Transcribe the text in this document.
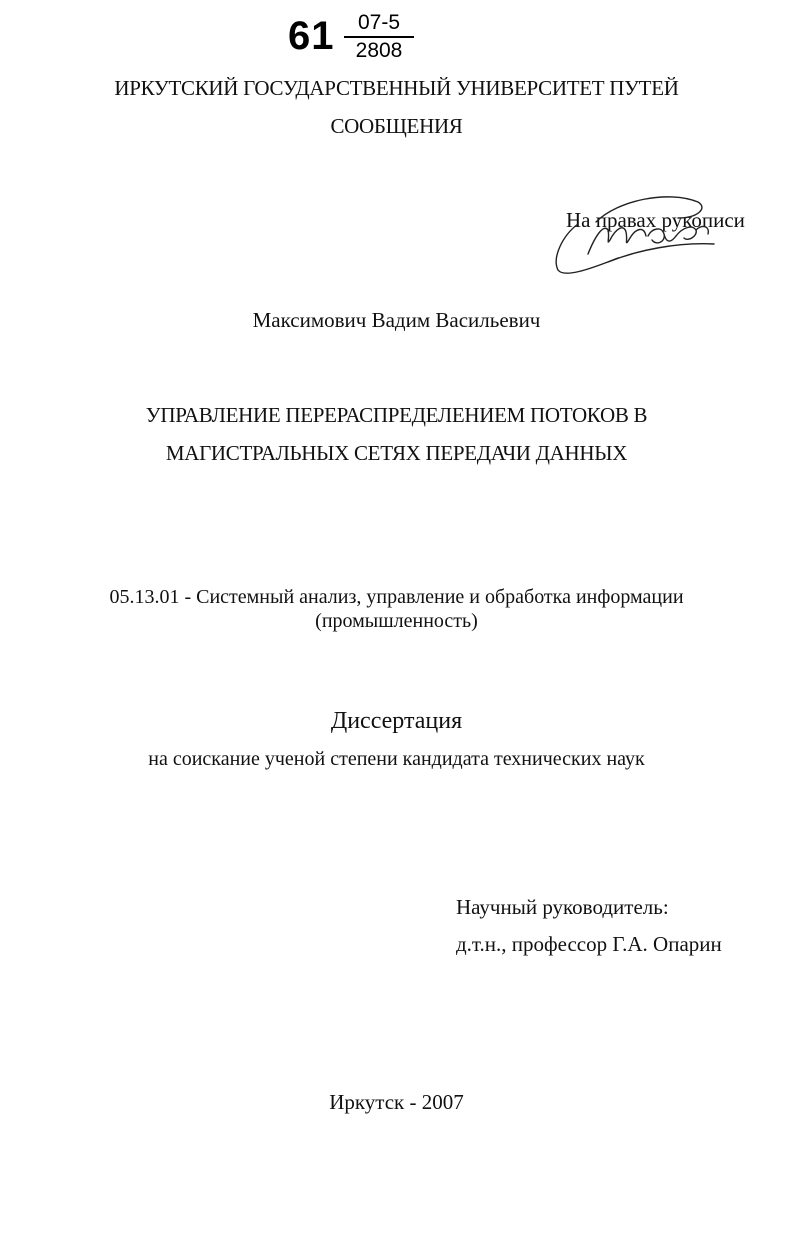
61	07-5
2808
ИРКУТСКИЙ ГОСУДАРСТВЕННЫЙ УНИВЕРСИТЕТ ПУТЕЙ
СООБЩЕНИЯ
На правах рукописи
Максимович Вадим Васильевич
УПРАВЛЕНИЕ ПЕРЕРАСПРЕДЕЛЕНИЕМ ПОТОКОВ В
МАГИСТРАЛЬНЫХ СЕТЯХ ПЕРЕДАЧИ ДАННЫХ
05.13.01 - Системный анализ, управление и обработка информации
(промышленность)
Диссертация
на соискание ученой степени кандидата технических наук
Научный руководитель:
д.т.н., профессор Г.А. Опарин
Иркутск - 2007
